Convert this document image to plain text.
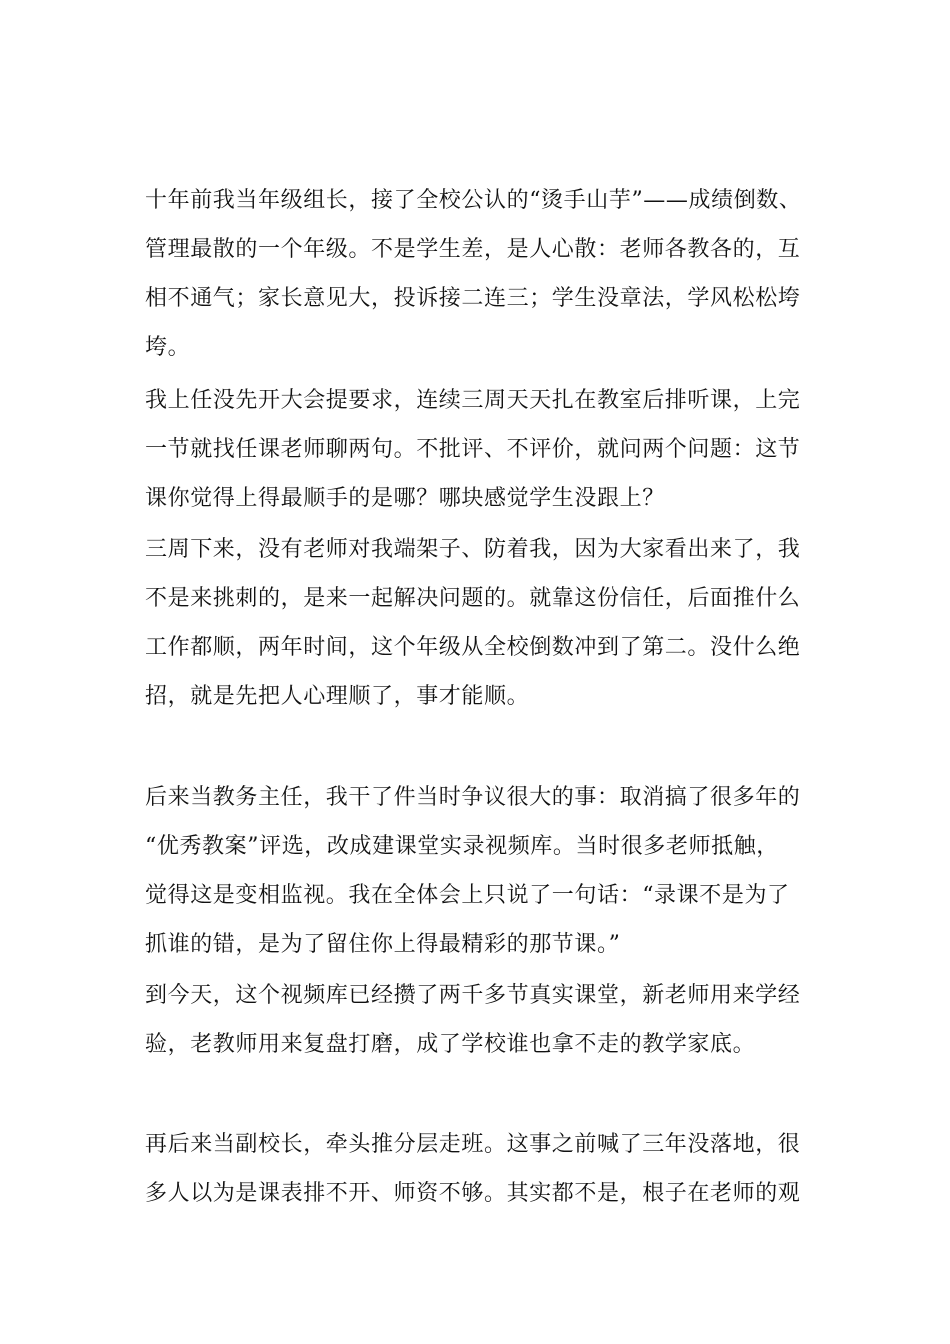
十年前我当年级组长，接了全校公认的“烫手山芋”——成绩倒数、
管理最散的一个年级。不是学生差，是人心散：老师各教各的，互
相不通气；家长意见大，投诉接二连三；学生没章法，学风松松垮
垮。
我上任没先开大会提要求，连续三周天天扎在教室后排听课，上完
一节就找任课老师聊两句。不批评、不评价，就问两个问题：这节
课你觉得上得最顺手的是哪？哪块感觉学生没跟上？
三周下来，没有老师对我端架子、防着我，因为大家看出来了，我
不是来挑刺的，是来一起解决问题的。就靠这份信任，后面推什么
工作都顺，两年时间，这个年级从全校倒数冲到了第二。没什么绝
招，就是先把人心理顺了，事才能顺。
后来当教务主任，我干了件当时争议很大的事：取消搞了很多年的
“优秀教案”评选，改成建课堂实录视频库。当时很多老师抵触，
觉得这是变相监视。我在全体会上只说了一句话：“录课不是为了
抓谁的错，是为了留住你上得最精彩的那节课。”
到今天，这个视频库已经攒了两千多节真实课堂，新老师用来学经
验，老教师用来复盘打磨，成了学校谁也拿不走的教学家底。
再后来当副校长，牵头推分层走班。这事之前喊了三年没落地，很
多人以为是课表排不开、师资不够。其实都不是，根子在老师的观
